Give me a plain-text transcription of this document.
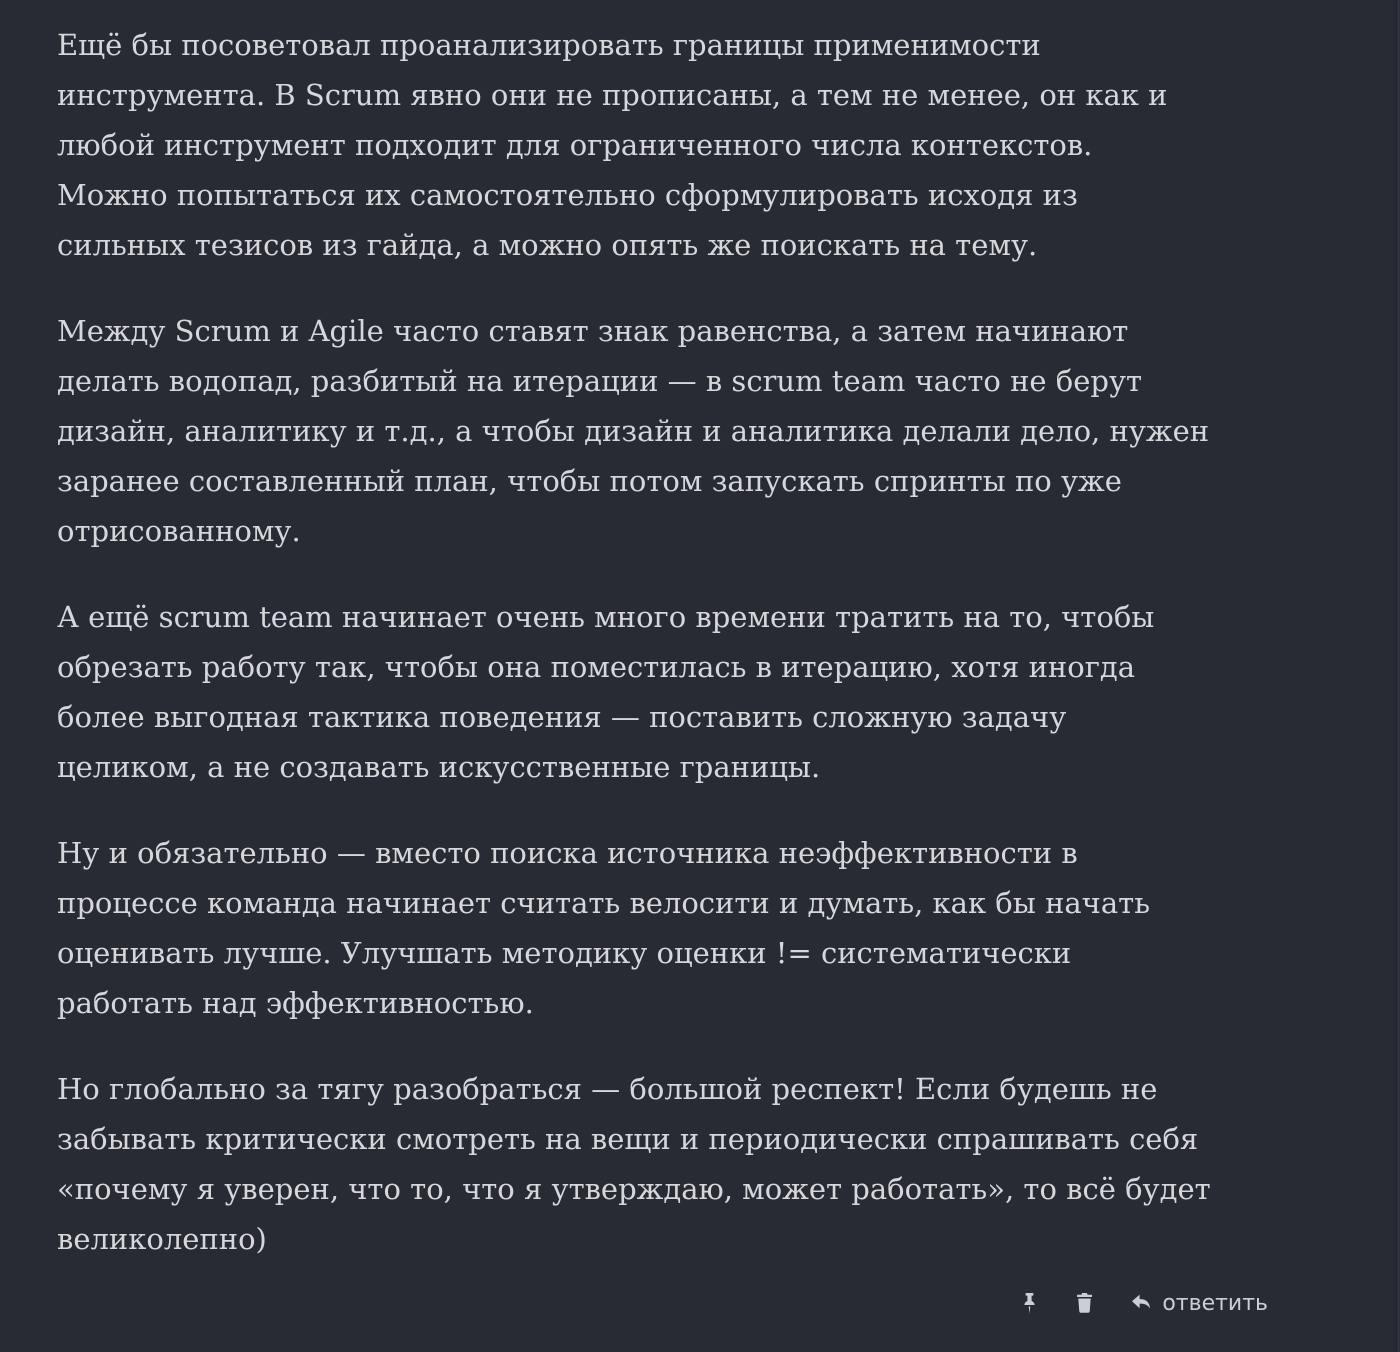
Ещё бы посоветовал проанализировать границы применимости
инструмента. В Scrum явно они не прописаны, а тем не менее, он как и
любой инструмент подходит для ограниченного числа контекстов.
Можно попытаться их самостоятельно сформулировать исходя из
сильных тезисов из гайда, а можно опять же поискать на тему.

Между Scrum и Agile часто ставят знак равенства, а затем начинают
делать водопад, разбитый на итерации — в scrum team часто не берут
дизайн, аналитику и т.д., а чтобы дизайн и аналитика делали дело, нужен
заранее составленный план, чтобы потом запускать спринты по уже
отрисованному.

А ещё scrum team начинает очень много времени тратить на то, чтобы
обрезать работу так, чтобы она поместилась в итерацию, хотя иногда
более выгодная тактика поведения — поставить сложную задачу
целиком, а не создавать искусственные границы.

Ну и обязательно — вместо поиска источника неэффективности в
процессе команда начинает считать велосити и думать, как бы начать
оценивать лучше. Улучшать методику оценки != систематически
работать над эффективностью.

Но глобально за тягу разобраться — большой респект! Если будешь не
забывать критически смотреть на вещи и периодически спрашивать себя
«почему я уверен, что то, что я утверждаю, может работать», то всё будет
великолепно)

ответить
